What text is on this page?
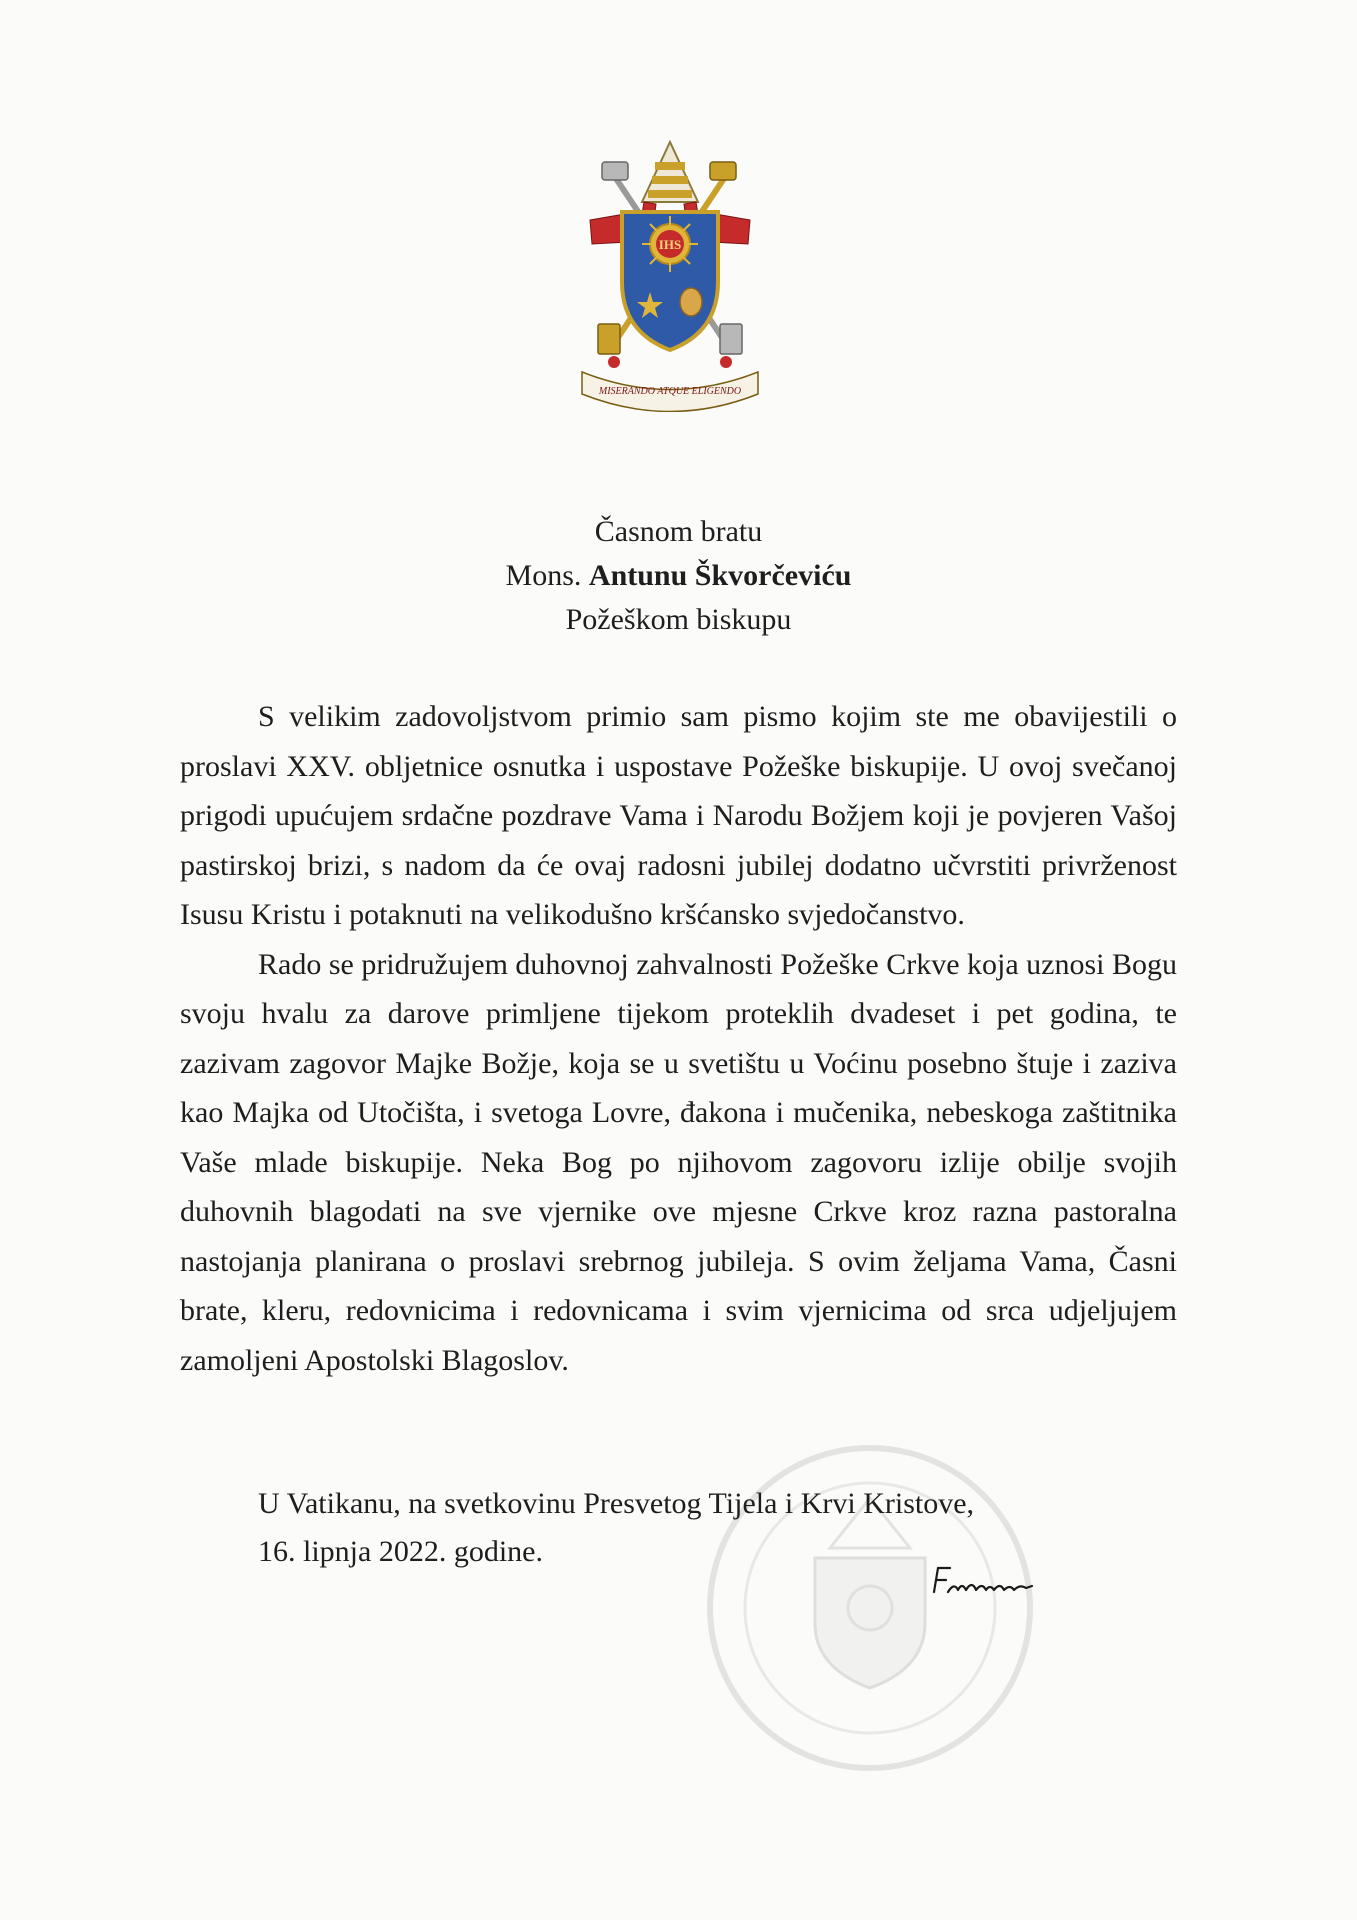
IHS
MISERANDO ATQUE ELIGENDO
Časnom bratu
Mons. Antunu Škvorčeviću
Požeškom biskupu

S velikim zadovoljstvom primio sam pismo kojim ste me obavijestili o proslavi XXV. obljetnice osnutka i uspostave Požeške biskupije. U ovoj svečanoj prigodi upućujem srdačne pozdrave Vama i Narodu Božjem koji je povjeren Vašoj pastirskoj brizi, s nadom da će ovaj radosni jubilej dodatno učvrstiti privrženost Isusu Kristu i potaknuti na velikodušno kršćansko svjedočanstvo.

Rado se pridružujem duhovnoj zahvalnosti Požeške Crkve koja uznosi Bogu svoju hvalu za darove primljene tijekom proteklih dvadeset i pet godina, te zazivam zagovor Majke Božje, koja se u svetištu u Voćinu posebno štuje i zaziva kao Majka od Utočišta, i svetoga Lovre, đakona i mučenika, nebeskoga zaštitnika Vaše mlade biskupije. Neka Bog po njihovom zagovoru izlije obilje svojih duhovnih blagodati na sve vjernike ove mjesne Crkve kroz razna pastoralna nastojanja planirana o proslavi srebrnog jubileja. S ovim željama Vama, Časni brate, kleru, redovnicima i redovnicama i svim vjernicima od srca udjeljujem zamoljeni Apostolski Blagoslov.

U Vatikanu, na svetkovinu Presvetog Tijela i Krvi Kristove,
16. lipnja 2022. godine.
